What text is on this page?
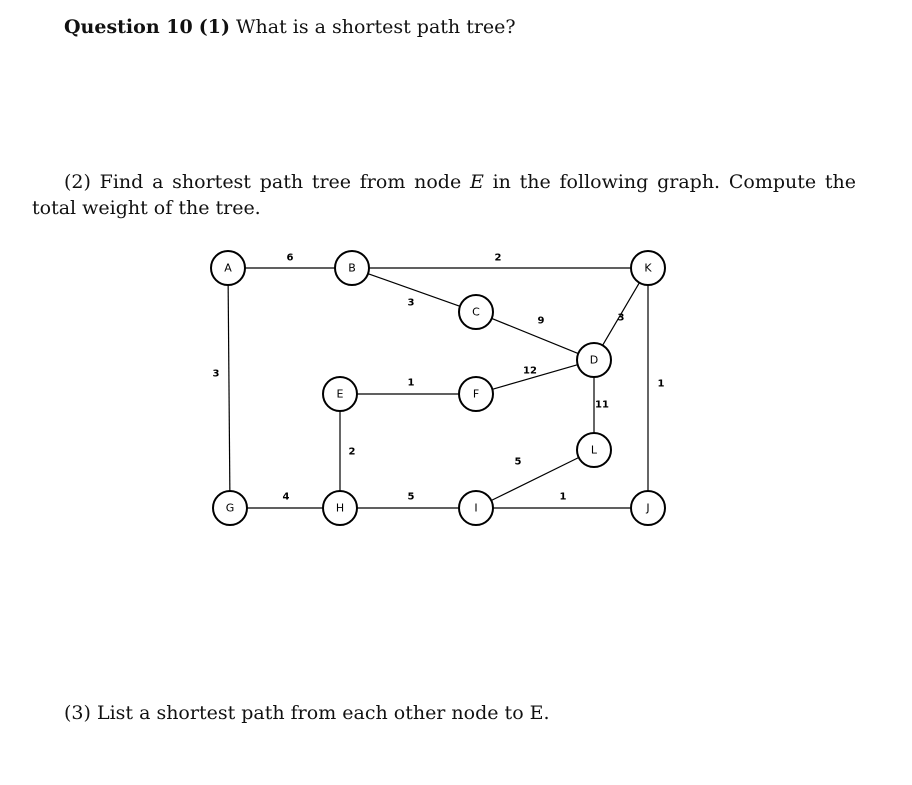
Question 10 (1) What is a shortest path tree?
(2) Find a shortest path tree from node E in the following graph. Compute the total weight of the tree.
6	2
3
9	3
3
1
12
11
1
2
5
4	5	1
A	B
C
D
E	F
G	H	I	J
K
L
(3) List a shortest path from each other node to E.
